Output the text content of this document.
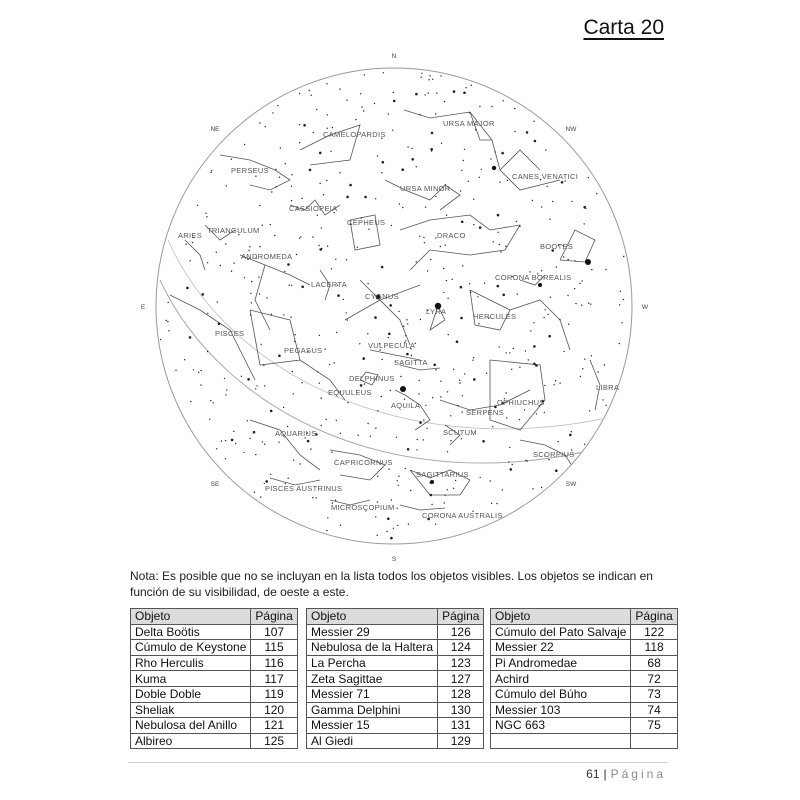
Carta 20
N
S
E	W
NE	NW
SE	SW
CAMELOPARDIS
URSA MAJOR
PERSEUS
CANES VENATICI
URSA MINOR
CASSIOPEIA
CEPHEUS
ARIES
TRIANGULUM
DRACO
BOOTES
ANDROMEDA
CORONA BOREALIS
LACERTA
CYGNUS
LYRA
HERCULES
PISCES
PEGASUS
VULPECULA
SAGITTA
DELPHINUS
EQUULEUS
LIBRA
OPHIUCHUS
AQUILA
SERPENS
AQUARIUS	SCUTUM
SCORPIUS
CAPRICORNUS
SAGITTARIUS
PISCES AUSTRINUS
MICROSCOPIUM
CORONA AUSTRALIS
Nota: Es posible que no se incluyan en la lista todos los objetos visibles. Los objetos se indican en función de su visibilidad, de oeste a este.
Objeto	Página
Delta Boötis	107
Cúmulo de Keystone	115
Rho Herculis	116
Kuma	117
Doble Doble	119
Sheliak	120
Nebulosa del Anillo	121
Albireo	125
Objeto	Página
Messier 29	126
Nebulosa de la Haltera	124
La Percha	123
Zeta Sagittae	127
Messier 71	128
Gamma Delphini	130
Messier 15	131
Al Giedi	129
Objeto	Página
Cúmulo del Pato Salvaje	122
Messier 22	118
Pi Andromedae	68
Achird	72
Cúmulo del Búho	73
Messier 103	74
NGC 663	75

61 | Página
